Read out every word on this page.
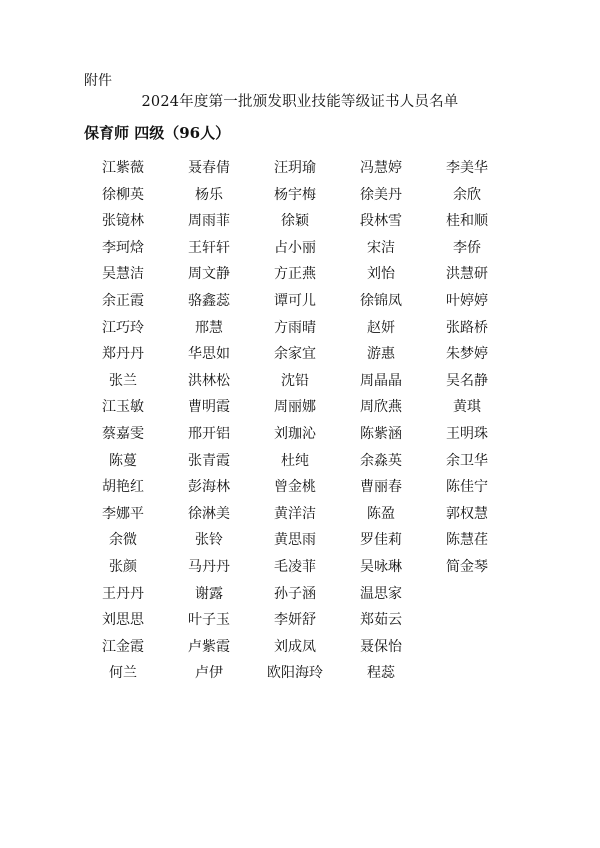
附件
2024年度第一批颁发职业技能等级证书人员名单
保育师 四级（96人）
江紫薇	聂春倩	汪玥瑜	冯慧婷	李美华
徐柳英	杨乐	杨宇梅	徐美丹	余欣
张镜林	周雨菲	徐颖	段林雪	桂和顺
李珂焓	王轩轩	占小丽	宋洁	李侨
吴慧洁	周文静	方正燕	刘怡	洪慧研
余正霞	骆鑫蕊	谭可儿	徐锦凤	叶婷婷
江巧玲	邢慧	方雨晴	赵妍	张路桥
郑丹丹	华思如	余家宜	游惠	朱梦婷
张兰	洪林松	沈铅	周晶晶	吴名静
江玉敏	曹明霞	周丽娜	周欣燕	黄琪
蔡嘉雯	邢开铝	刘珈沁	陈紫涵	王明珠
陈蔓	张青霞	杜纯	余淼英	余卫华
胡艳红	彭海林	曾金桃	曹丽春	陈佳宁
李娜平	徐淋美	黄洋洁	陈盈	郭权慧
余微	张铃	黄思雨	罗佳莉	陈慧荏
张颜	马丹丹	毛凌菲	吴咏琳	简金琴
王丹丹	谢露	孙子涵	温思家
刘思思	叶子玉	李妍舒	郑茹云
江金霞	卢紫霞	刘成凤	聂保怡
何兰	卢伊	欧阳海玲	程蕊
